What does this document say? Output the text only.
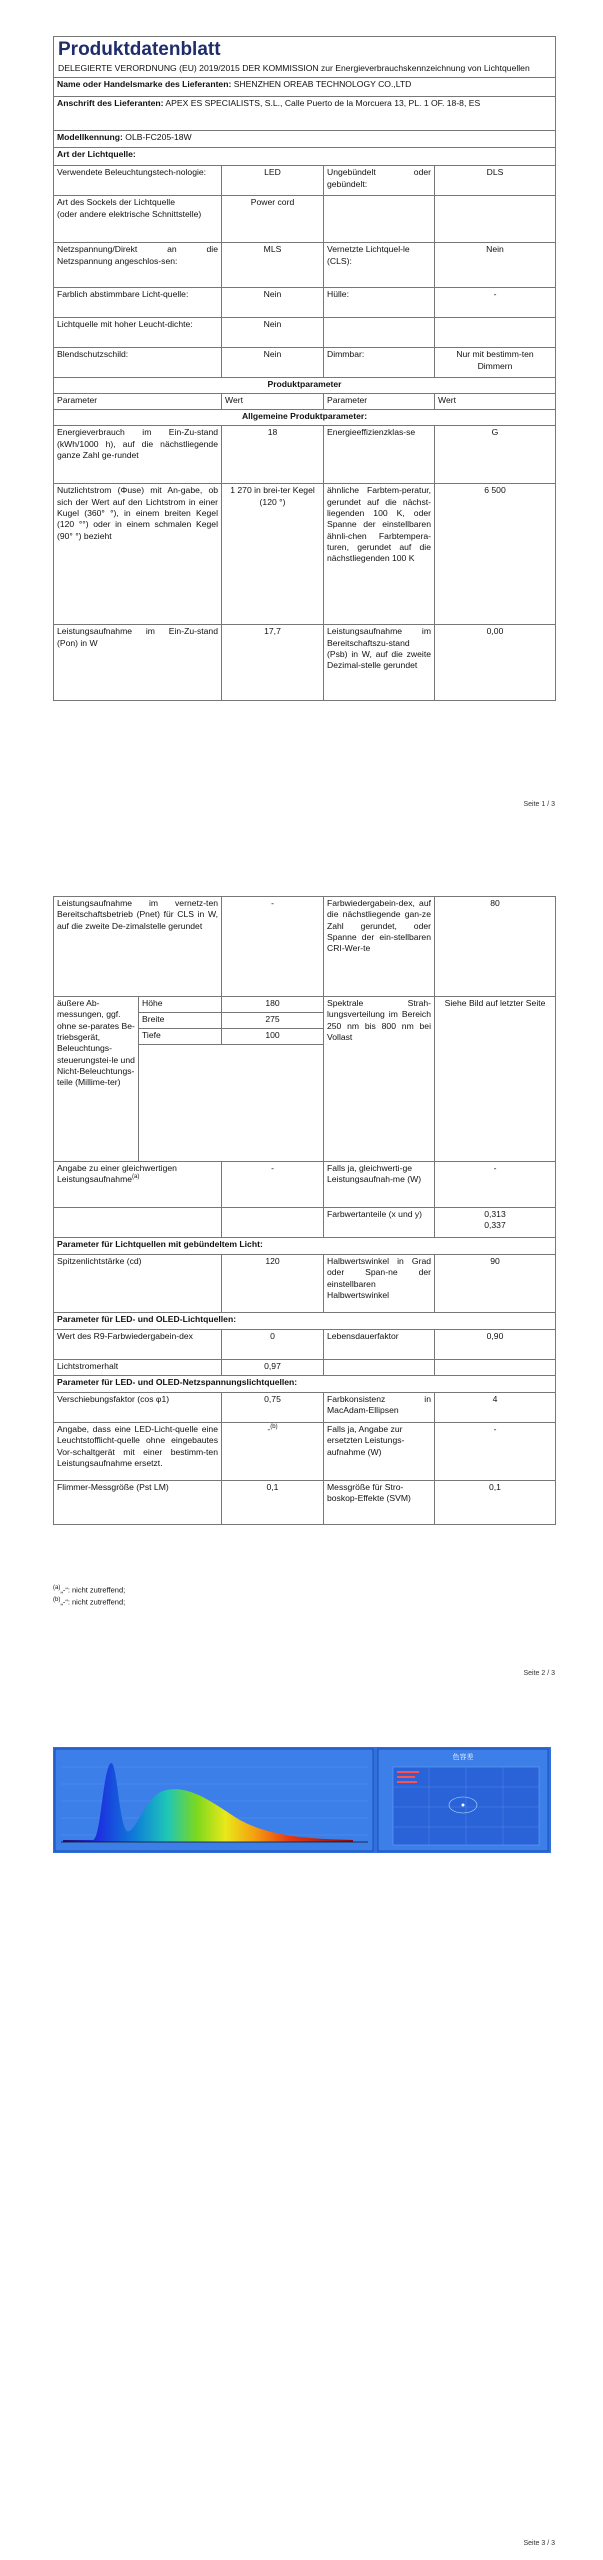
Produktdatenblatt
DELEGIERTE VERORDNUNG (EU) 2019/2015 DER KOMMISSION zur Energieverbrauchskennzeichnung von Lichtquellen			

Name oder Handelsmarke des Lieferanten: SHENZHEN OREAB TECHNOLOGY CO.,LTD			
Anschrift des Lieferanten: APEX ES SPECIALISTS, S.L., Calle Puerto de la Morcuera 13, PL. 1 OF. 18-8, ES			
Modellkennung: OLB-FC205-18W			
Art der Lichtquelle:			
Verwendete Beleuchtungstech-nologie:	LED	Ungebündelt oder gebündelt:	DLS

Art des Sockels der Lichtquelle
(oder andere elektrische Schnittstelle)	Power cord		
Netzspannung/Direkt an die Netzspannung angeschlos-sen:	MLS	Vernetzte Lichtquel-le (CLS):	Nein
Farblich abstimmbare Licht-quelle:	Nein	Hülle:	-
Lichtquelle mit hoher Leucht-dichte:	Nein		
Blendschutzschild:	Nein	Dimmbar:	Nur mit bestimm-ten Dimmern
Produktparameter			
Parameter	Wert	Parameter	Wert
Allgemeine Produktparameter:			
Energieverbrauch im Ein-Zu-stand (kWh/1000 h), auf die nächstliegende ganze Zahl ge-rundet	18	Energieeffizienzklas-se	G
Nutzlichtstrom (Φuse) mit An-gabe, ob sich der Wert auf den Lichtstrom in einer Kugel (360° °), in einem breiten Kegel (120 °°) oder in einem schmalen Kegel (90° °) bezieht	1 270 in brei-ter Kegel (120 °)	ähnliche Farbtem-peratur, gerundet auf die nächst-liegenden 100 K, oder Spanne der einstellbaren ähnli-chen Farbtempera-turen, gerundet auf die nächstliegenden 100 K	6 500
Leistungsaufnahme im Ein-Zu-stand (Pon) in W	17,7	Leistungsaufnahme im Bereitschaftszu-stand (Psb) in W, auf die zweite Dezimal-stelle gerundet	0,00
Seite 1 / 3
Leistungsaufnahme im vernetz-ten Bereitschaftsbetrieb (Pnet) für CLS in W, auf die zweite De-zimalstelle gerundet		-	Farbwiedergabein-dex, auf die nächstliegende gan-ze Zahl gerundet, oder Spanne der ein-stellbaren CRI-Wer-te	80
äußere Ab-messungen, ggf. ohne se-parates Be-triebsgerät, Beleuchtungs-steuerungstei-le und Nicht-Beleuchtungs-teile (Millime-ter)	Höhe	180	Spektrale Strah-lungsverteilung im Bereich 250 nm bis 800 nm bei Vollast	Siehe Bild auf letzter Seite
	Breite	275		
	Tiefe	100		

Angabe zu einer gleichwertigen Leistungsaufnahme$^{(a)}$		-	Falls ja, gleichwerti-ge Leistungsaufnah-me (W)	-
			Farbwertanteile (x und y)	0,313
0,337

Parameter für Lichtquellen mit gebündeltem Licht:				
Spitzenlichtstärke (cd)		120	Halbwertswinkel in Grad oder Span-ne der einstellbaren Halbwertswinkel	90
Parameter für LED- und OLED-Lichtquellen:				
Wert des R9-Farbwiedergabein-dex		0	Lebensdauerfaktor	0,90
Lichtstromerhalt		0,97		
Parameter für LED- und OLED-Netzspannungslichtquellen:				
Verschiebungsfaktor (cos φ1)		0,75	Farbkonsistenz in MacAdam-Ellipsen	4
Angabe, dass eine LED-Licht-quelle eine Leuchtstofflicht-quelle ohne eingebautes Vor-schaltgerät mit einer bestimm-ten Leistungsaufnahme ersetzt.		-$^{(b)}$	Falls ja, Angabe zur ersetzten Leistungs-aufnahme (W)	-
Flimmer-Messgröße (Pst LM)		0,1	Messgröße für Stro-boskop-Effekte (SVM)	0,1
$^{(a)}$„-“: nicht zutreffend;
$^{(b)}$„-“: nicht zutreffend;
Seite 2 / 3
色容差
Seite 3 / 3
